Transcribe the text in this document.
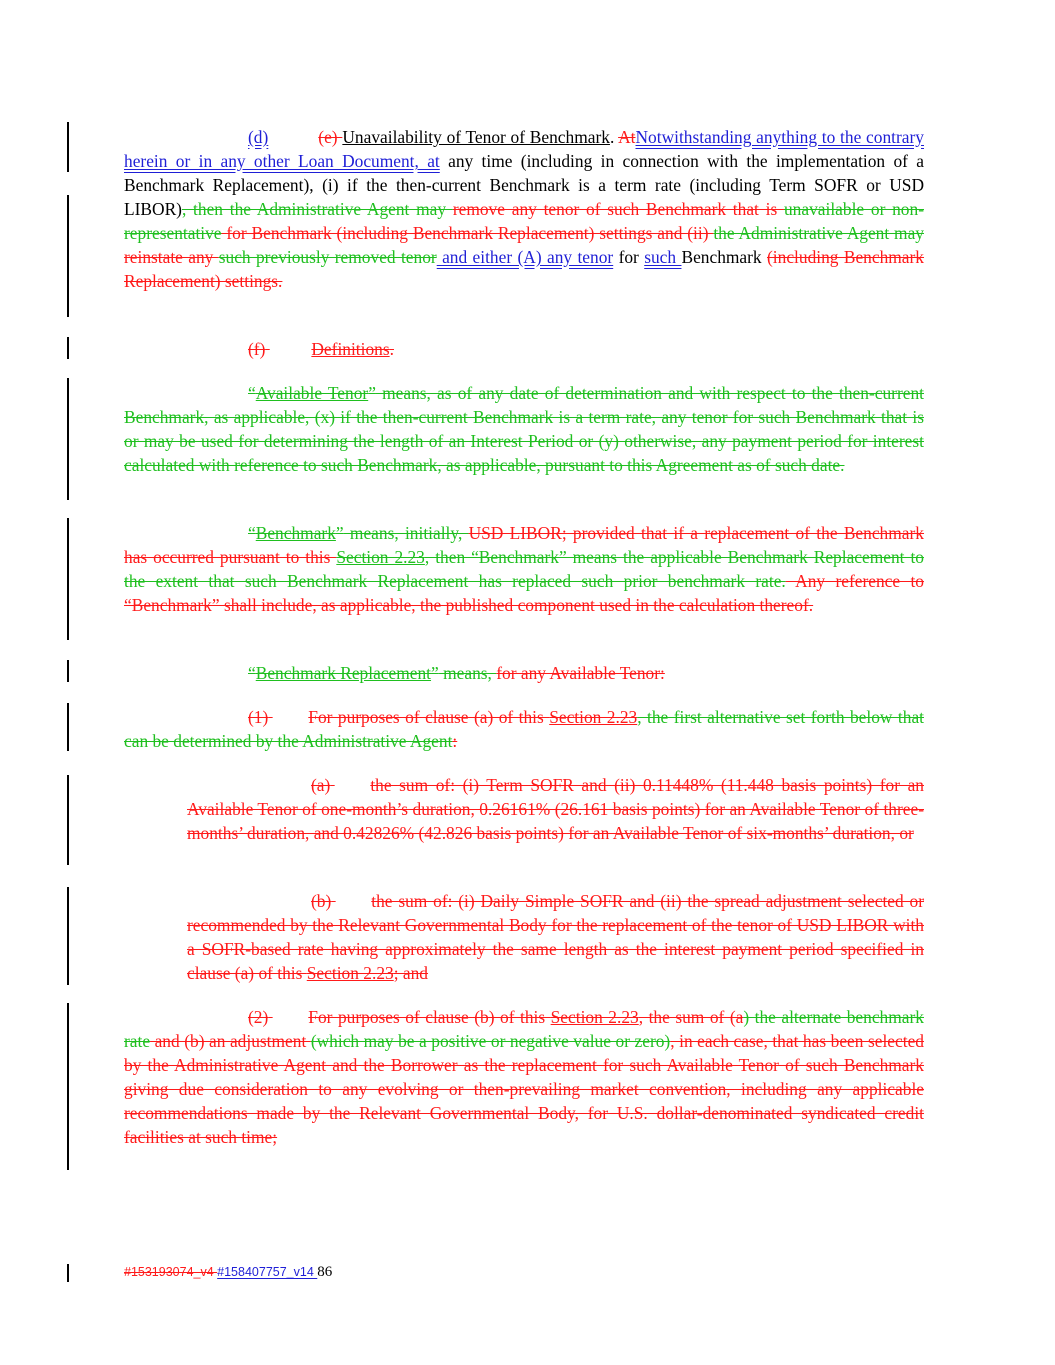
(d)	(e) Unavailability of Tenor of Benchmark. AtNotwithstanding anything to the contrary herein or in any other Loan Document, at any time (including in connection with the implementation of a Benchmark Replacement), (i) if the then-current Benchmark is a term rate (including Term SOFR or USD LIBOR), then the Administrative Agent may remove any tenor of such Benchmark that is unavailable or non-representative for Benchmark (including Benchmark Replacement) settings and (ii) the Administrative Agent may reinstate any such previously removed tenor and either (A) any tenor for such Benchmark (including Benchmark Replacement) settings.
(f)	Definitions.
“Available Tenor” means, as of any date of determination and with respect to the then-current Benchmark, as applicable, (x) if the then-current Benchmark is a term rate, any tenor for such Benchmark that is or may be used for determining the length of an Interest Period or (y) otherwise, any payment period for interest calculated with reference to such Benchmark, as applicable, pursuant to this Agreement as of such date.
“Benchmark” means, initially, USD LIBOR; provided that if a replacement of the Benchmark has occurred pursuant to this Section 2.23, then “Benchmark” means the applicable Benchmark Replacement to the extent that such Benchmark Replacement has replaced such prior benchmark rate. Any reference to “Benchmark” shall include, as applicable, the published component used in the calculation thereof.
“Benchmark Replacement” means, for any Available Tenor:
(1) For purposes of clause (a) of this Section 2.23, the first alternative set forth below that can be determined by the Administrative Agent:
(a) the sum of: (i) Term SOFR and (ii) 0.11448% (11.448 basis points) for an Available Tenor of one-month’s duration, 0.26161% (26.161 basis points) for an Available Tenor of three-months’ duration, and 0.42826% (42.826 basis points) for an Available Tenor of six-months’ duration, or
(b) the sum of: (i) Daily Simple SOFR and (ii) the spread adjustment selected or recommended by the Relevant Governmental Body for the replacement of the tenor of USD LIBOR with a SOFR-based rate having approximately the same length as the interest payment period specified in clause (a) of this Section 2.23; and
(2) For purposes of clause (b) of this Section 2.23, the sum of (a) the alternate benchmark rate and (b) an adjustment (which may be a positive or negative value or zero), in each case, that has been selected by the Administrative Agent and the Borrower as the replacement for such Available Tenor of such Benchmark giving due consideration to any evolving or then-prevailing market convention, including any applicable recommendations made by the Relevant Governmental Body, for U.S. dollar-denominated syndicated credit facilities at such time;
#153193074_v4 #158407757_v14 86
